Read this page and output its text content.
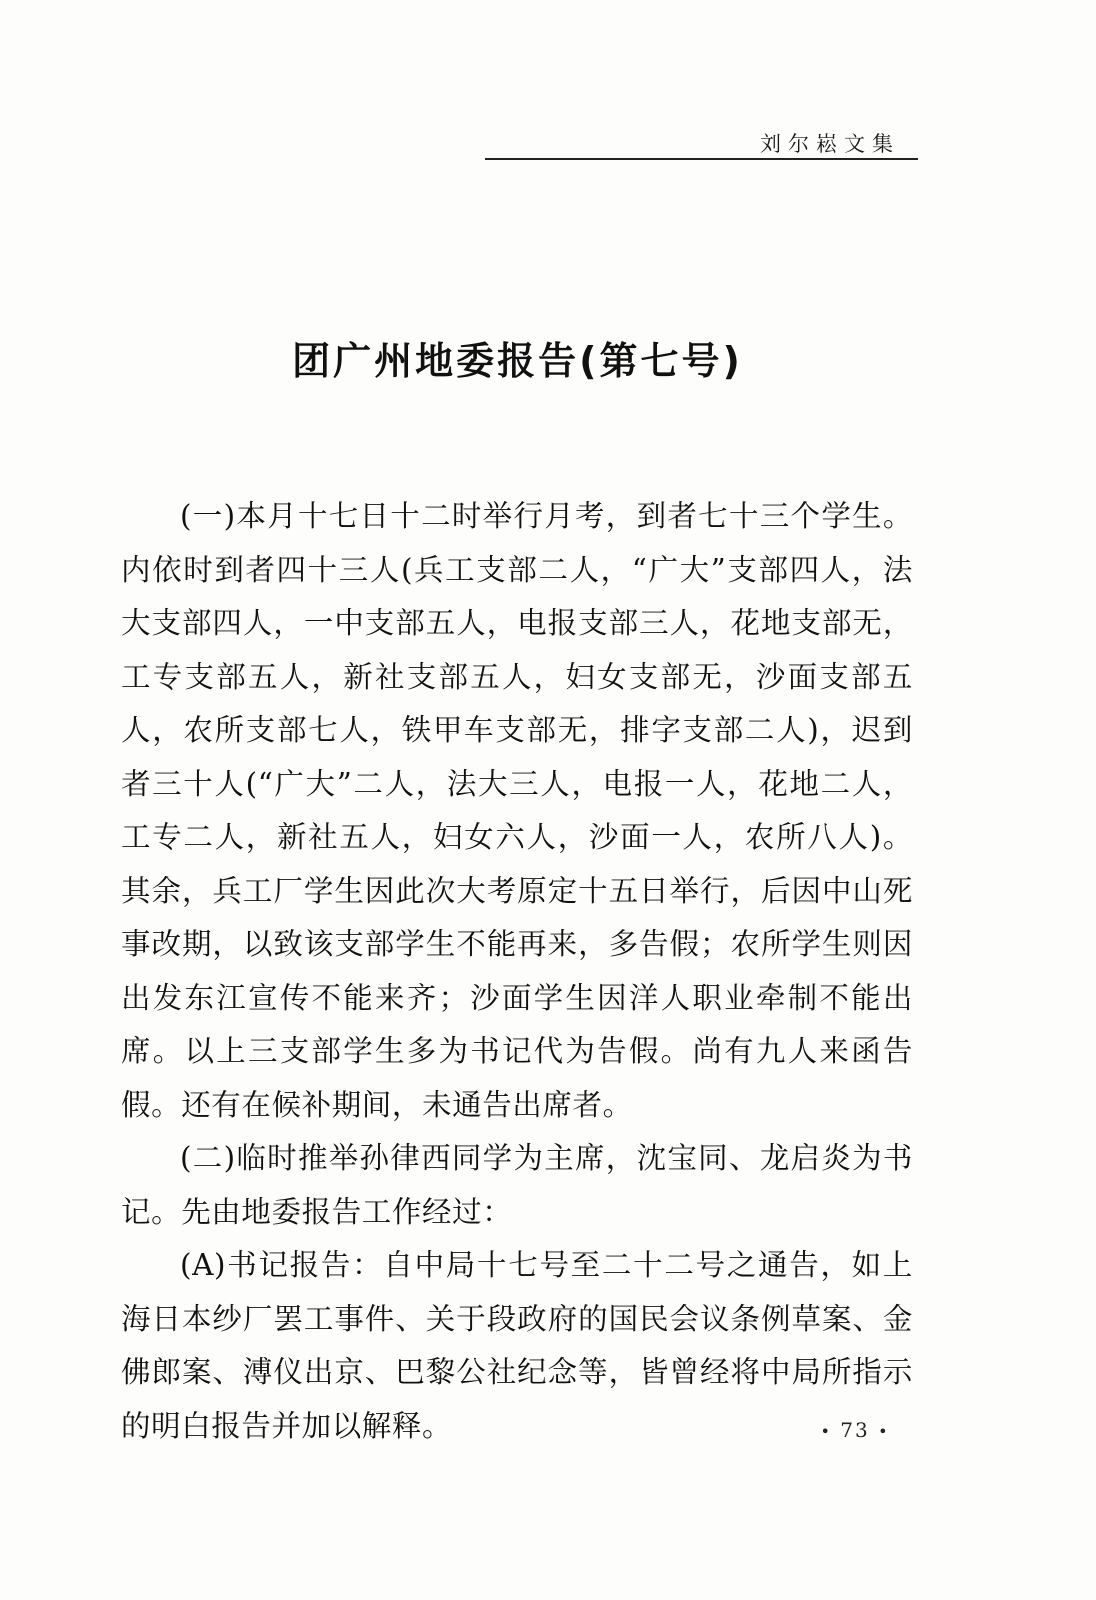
刘尔崧文集
团广州地委报告(第七号)

(一)本月十七日十二时举行月考，到者七十三个学生。内依时到者四十三人(兵工支部二人，“广大”支部四人，法大支部四人，一中支部五人，电报支部三人，花地支部无，工专支部五人，新社支部五人，妇女支部无，沙面支部五人，农所支部七人，铁甲车支部无，排字支部二人)，迟到者三十人(“广大”二人，法大三人，电报一人，花地二人，工专二人，新社五人，妇女六人，沙面一人，农所八人)。其余，兵工厂学生因此次大考原定十五日举行，后因中山死事改期，以致该支部学生不能再来，多告假；农所学生则因出发东江宣传不能来齐；沙面学生因洋人职业牵制不能出席。以上三支部学生多为书记代为告假。尚有九人来函告假。还有在候补期间，未通告出席者。

(二)临时推举孙律西同学为主席，沈宝同、龙启炎为书记。先由地委报告工作经过：

(A)书记报告：自中局十七号至二十二号之通告，如上海日本纱厂罢工事件、关于段政府的国民会议条例草案、金佛郎案、溥仪出京、巴黎公社纪念等，皆曾经将中局所指示的明白报告并加以解释。	• 73 •
